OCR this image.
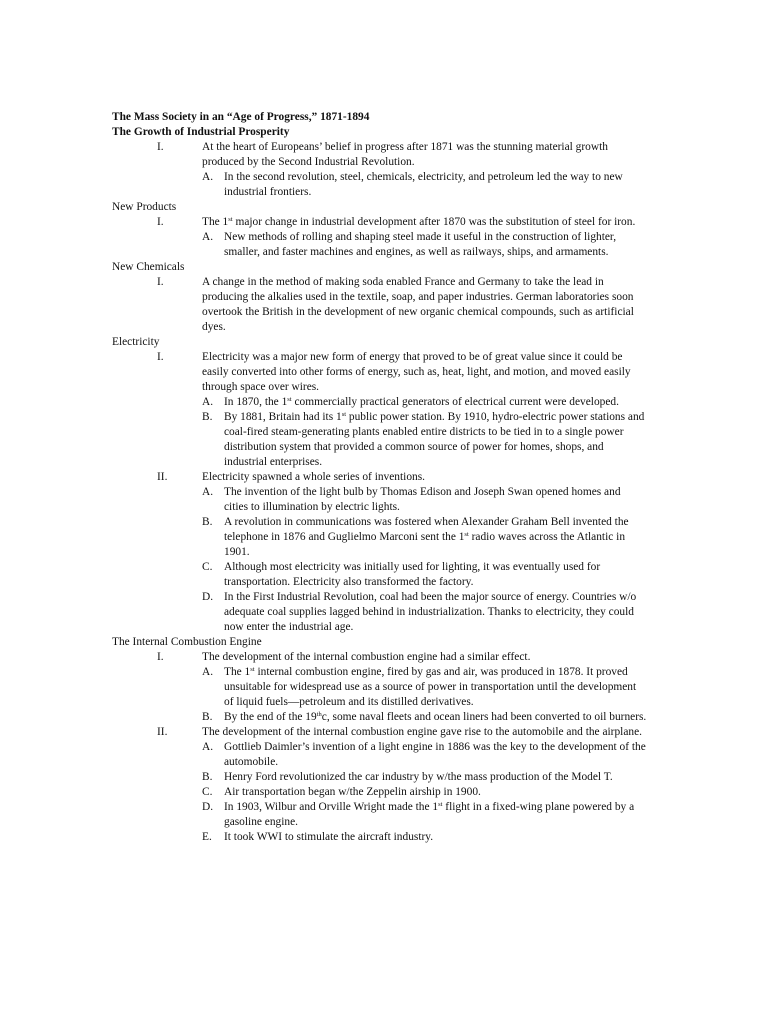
The Mass Society in an “Age of Progress,” 1871-1894
The Growth of Industrial Prosperity
I.	At the heart of Europeans’ belief in progress after 1871 was the stunning material growth produced by the Second Industrial Revolution.
A. In the second revolution, steel, chemicals, electricity, and petroleum led the way to new industrial frontiers.
New Products
I.	The 1st major change in industrial development after 1870 was the substitution of steel for iron.
A. New methods of rolling and shaping steel made it useful in the construction of lighter, smaller, and faster machines and engines, as well as railways, ships, and armaments.
New Chemicals
I.	A change in the method of making soda enabled France and Germany to take the lead in producing the alkalies used in the textile, soap, and paper industries. German laboratories soon overtook the British in the development of new organic chemical compounds, such as artificial dyes.
Electricity
I.	Electricity was a major new form of energy that proved to be of great value since it could be easily converted into other forms of energy, such as, heat, light, and motion, and moved easily through space over wires.
A. In 1870, the 1st commercially practical generators of electrical current were developed.
B.	By 1881, Britain had its 1st public power station. By 1910, hydro-electric power stations and coal-fired steam-generating plants enabled entire districts to be tied in to a single power distribution system that provided a common source of power for homes, shops, and industrial enterprises.
II.	Electricity spawned a whole series of inventions.
A. The invention of the light bulb by Thomas Edison and Joseph Swan opened homes and cities to illumination by electric lights.
B.	A revolution in communications was fostered when Alexander Graham Bell invented the telephone in 1876 and Guglielmo Marconi sent the 1st radio waves across the Atlantic in 1901.
C.	Although most electricity was initially used for lighting, it was eventually used for transportation. Electricity also transformed the factory.
D. In the First Industrial Revolution, coal had been the major source of energy. Countries w/o adequate coal supplies lagged behind in industrialization. Thanks to electricity, they could now enter the industrial age.
The Internal Combustion Engine
I.	The development of the internal combustion engine had a similar effect.
A. The 1st internal combustion engine, fired by gas and air, was produced in 1878. It proved unsuitable for widespread use as a source of power in transportation until the development of liquid fuels—petroleum and its distilled derivatives.
B.	By the end of the 19thc, some naval fleets and ocean liners had been converted to oil burners.
II.	The development of the internal combustion engine gave rise to the automobile and the airplane.
A. Gottlieb Daimler’s invention of a light engine in 1886 was the key to the development of the automobile.
B.	Henry Ford revolutionized the car industry by w/the mass production of the Model T.
C.	Air transportation began w/the Zeppelin airship in 1900.
D. In 1903, Wilbur and Orville Wright made the 1st flight in a fixed-wing plane powered by a gasoline engine.
E.	It took WWI to stimulate the aircraft industry.
